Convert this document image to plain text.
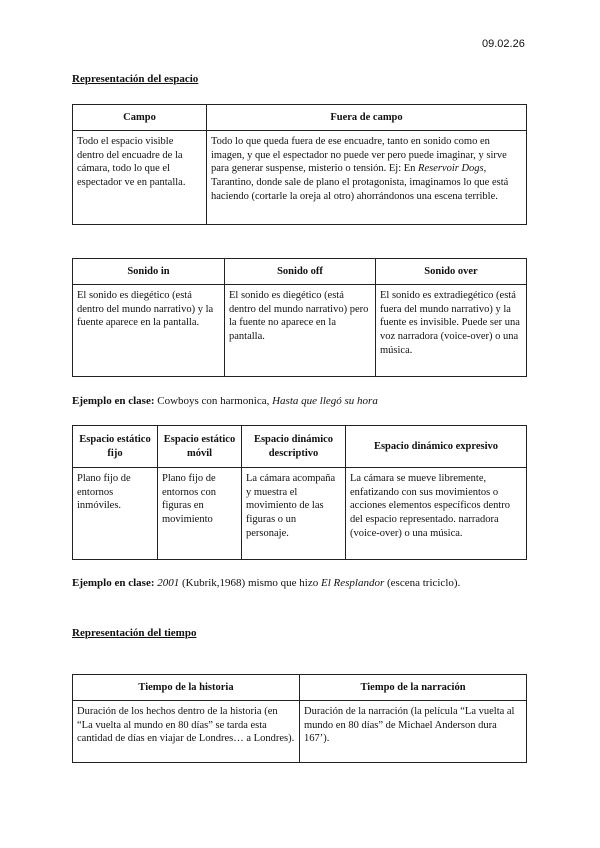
09.02.26
Representación del espacio
Campo	Fuera de campo
Todo el espacio visible dentro del encuadre de la cámara, todo lo que el espectador ve en pantalla.	Todo lo que queda fuera de ese encuadre, tanto en sonido como en imagen, y que el espectador no puede ver pero puede imaginar, y sirve para generar suspense, misterio o tensión. Ej: En Reservoir Dogs, Tarantino, donde sale de plano el protagonista, imaginamos lo que está haciendo (cortarle la oreja al otro) ahorrándonos una escena terrible.
Sonido in	Sonido off	Sonido over
El sonido es diegético (está dentro del mundo narrativo) y la fuente aparece en la pantalla.	El sonido es diegético (está dentro del mundo narrativo) pero la fuente no aparece en la pantalla.	El sonido es extradiegético (está fuera del mundo narrativo) y la fuente es invisible. Puede ser una voz narradora (voice-over) o una música.
Ejemplo en clase: Cowboys con harmonica, Hasta que llegó su hora
Espacio estático fijo	Espacio estático móvil	Espacio dinámico descriptivo	Espacio dinámico expresivo
Plano fijo de entornos inmóviles.	Plano fijo de entornos con figuras en movimiento	La cámara acompaña y muestra el movimiento de las figuras o un personaje.	La cámara se mueve libremente, enfatizando con sus movimientos o acciones elementos específicos dentro del espacio representado. narradora (voice-over) o una música.
Ejemplo en clase: 2001 (Kubrik,1968) mismo que hizo El Resplandor (escena triciclo).
Representación del tiempo
Tiempo de la historia	Tiempo de la narración
Duración de los hechos dentro de la historia (en “La vuelta al mundo en 80 días” se tarda esta cantidad de días en viajar de Londres… a Londres).	Duración de la narración (la película “La vuelta al mundo en 80 días” de Michael Anderson dura 167’).
